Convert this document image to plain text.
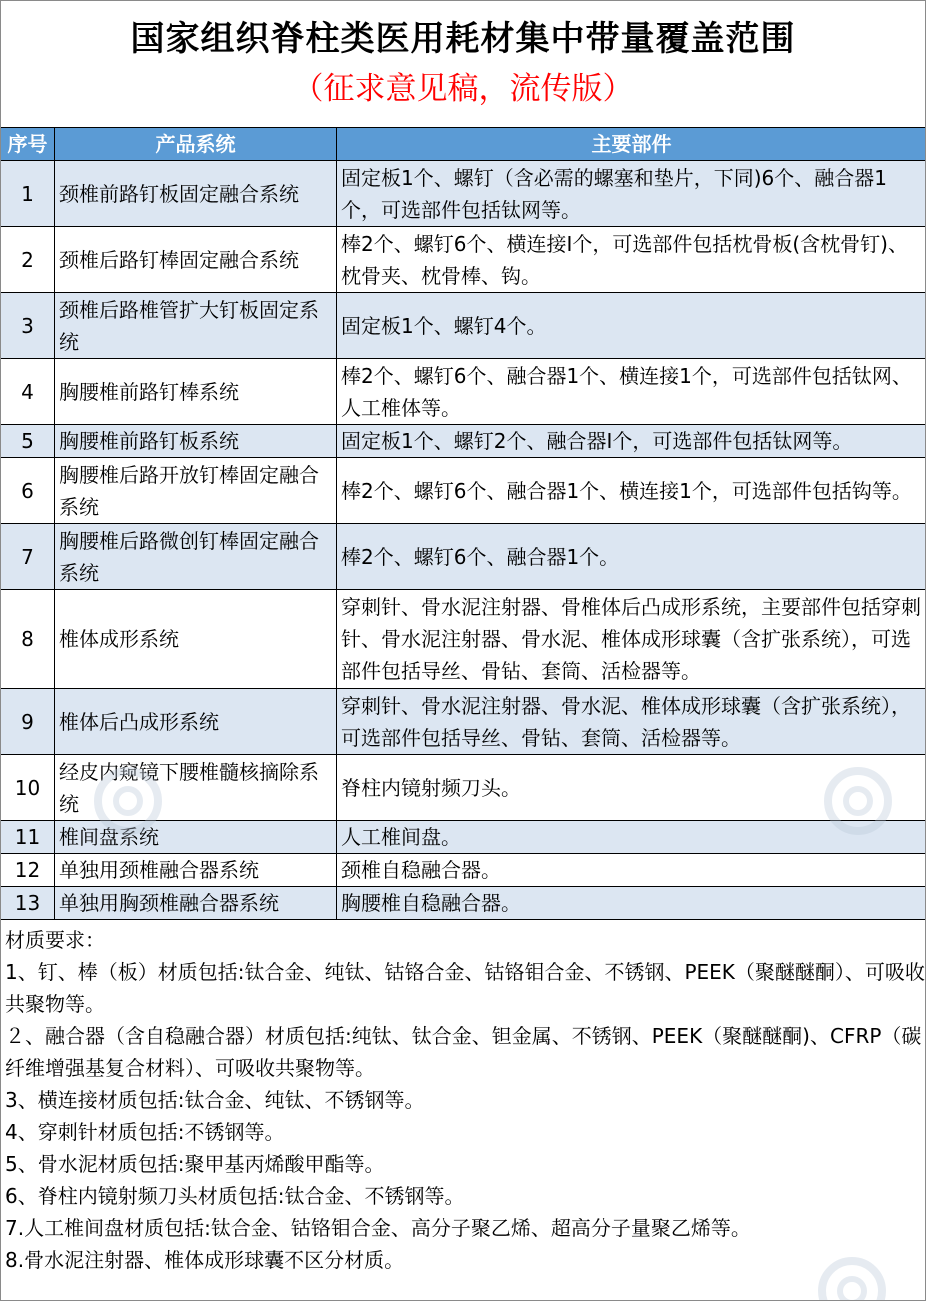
国家组织脊柱类医用耗材集中带量覆盖范围
（征求意见稿，流传版）
序号	产品系统	主要部件
1	颈椎前路钉板固定融合系统	固定板1个、螺钉（含必需的螺塞和垫片，下同)6个、融合器1个，可选部件包括钛网等。
2	颈椎后路钉棒固定融合系统	棒2个、螺钉6个、横连接Ⅰ个，可选部件包括枕骨板(含枕骨钉)、枕骨夹、枕骨棒、钩。
3	颈椎后路椎管扩大钉板固定系统	固定板1个、螺钉4个。
4	胸腰椎前路钉棒系统	棒2个、螺钉6个、融合器1个、横连接1个，可选部件包括钛网、人工椎体等。
5	胸腰椎前路钉板系统	固定板1个、螺钉2个、融合器Ⅰ个，可选部件包括钛网等。
6	胸腰椎后路开放钉棒固定融合系统	棒2个、螺钉6个、融合器1个、横连接1个，可选部件包括钩等。
7	胸腰椎后路微创钉棒固定融合系统	棒2个、螺钉6个、融合器1个。
8	椎体成形系统	穿刺针、骨水泥注射器、骨椎体后凸成形系统，主要部件包括穿刺针、骨水泥注射器、骨水泥、椎体成形球囊（含扩张系统），可选部件包括导丝、骨钻、套筒、活检器等。
9	椎体后凸成形系统	穿刺针、骨水泥注射器、骨水泥、椎体成形球囊（含扩张系统），可选部件包括导丝、骨钻、套筒、活检器等。
10	经皮内窥镜下腰椎髓核摘除系统	脊柱内镜射频刀头。
11	椎间盘系统	人工椎间盘。
12	单独用颈椎融合器系统	颈椎自稳融合器。
13	单独用胸颈椎融合器系统	胸腰椎自稳融合器。
材质要求：
1、钉、棒（板）材质包括:钛合金、纯钛、钴铬合金、钴铬钼合金、不锈钢、PEEK（聚醚醚酮）、可吸收共聚物等。
２、融合器（含自稳融合器）材质包括:纯钛、钛合金、钽金属、不锈钢、PEEK（聚醚醚酮)、CFRP（碳纤维增强基复合材料）、可吸收共聚物等。
3、横连接材质包括:钛合金、纯钛、不锈钢等。
4、穿刺针材质包括:不锈钢等。
5、骨水泥材质包括:聚甲基丙烯酸甲酯等。
6、脊柱内镜射频刀头材质包括:钛合金、不锈钢等。
7.人工椎间盘材质包括:钛合金、钴铬钼合金、高分子聚乙烯、超高分子量聚乙烯等。
8.骨水泥注射器、椎体成形球囊不区分材质。
